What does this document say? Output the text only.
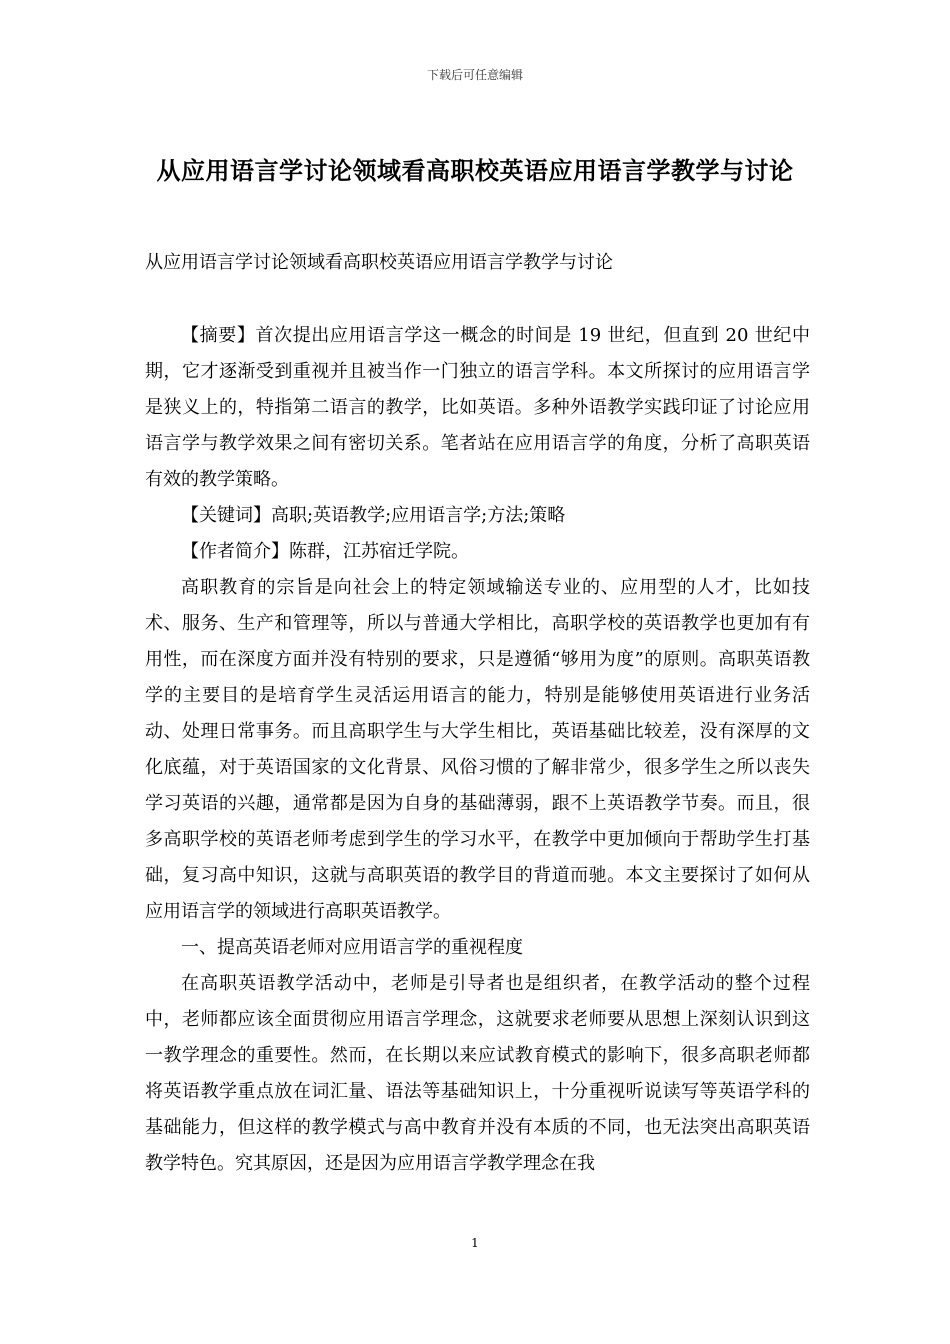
下载后可任意编辑
从应用语言学讨论领域看高职校英语应用语言学教学与讨论
从应用语言学讨论领域看高职校英语应用语言学教学与讨论

【摘要】首次提出应用语言学这一概念的时间是 19 世纪，但直到 20 世纪中期，它才逐渐受到重视并且被当作一门独立的语言学科。本文所探讨的应用语言学是狭义上的，特指第二语言的教学，比如英语。多种外语教学实践印证了讨论应用语言学与教学效果之间有密切关系。笔者站在应用语言学的角度，分析了高职英语有效的教学策略。

【关键词】高职;英语教学;应用语言学;方法;策略

【作者简介】陈群，江苏宿迁学院。

高职教育的宗旨是向社会上的特定领域输送专业的、应用型的人才，比如技术、服务、生产和管理等，所以与普通大学相比，高职学校的英语教学也更加有有用性，而在深度方面并没有特别的要求，只是遵循“够用为度”的原则。高职英语教学的主要目的是培育学生灵活运用语言的能力，特别是能够使用英语进行业务活动、处理日常事务。而且高职学生与大学生相比，英语基础比较差，没有深厚的文化底蕴，对于英语国家的文化背景、风俗习惯的了解非常少，很多学生之所以丧失学习英语的兴趣，通常都是因为自身的基础薄弱，跟不上英语教学节奏。而且，很多高职学校的英语老师考虑到学生的学习水平，在教学中更加倾向于帮助学生打基础，复习高中知识，这就与高职英语的教学目的背道而驰。本文主要探讨了如何从应用语言学的领域进行高职英语教学。

一、提高英语老师对应用语言学的重视程度

在高职英语教学活动中，老师是引导者也是组织者，在教学活动的整个过程中，老师都应该全面贯彻应用语言学理念，这就要求老师要从思想上深刻认识到这一教学理念的重要性。然而，在长期以来应试教育模式的影响下，很多高职老师都将英语教学重点放在词汇量、语法等基础知识上，十分重视听说读写等英语学科的基础能力，但这样的教学模式与高中教育并没有本质的不同，也无法突出高职英语教学特色。究其原因，还是因为应用语言学教学理念在我

1
